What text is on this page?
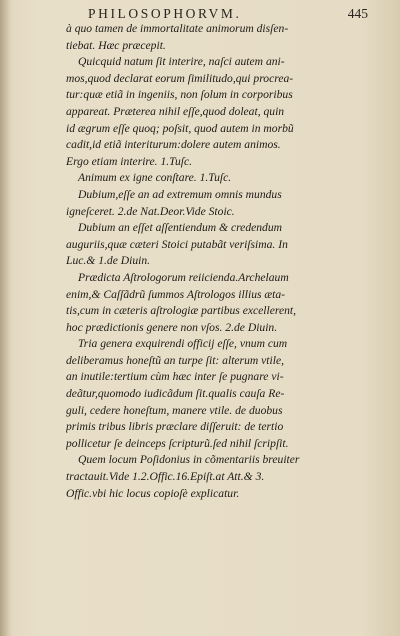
PHILOSOPHORVM.	445
à quo tamen de immortalitate animorum disſen-
tiebat. Hæc præcepit.
Quicquid natum ſit interire, naſci autem ani-
mos,quod declarat eorum ſimilitudo,qui procrea-
tur:quæ etiã in ingeniis, non ſolum in corporibus
appareat. Præterea nihil eſſe,quod doleat, quin
id ægrum eſſe quoq; poſsit, quod autem in morbũ
cadit,id etiã interiturum:dolere autem animos.
Ergo etiam interire. 1.Tuſc.
Animum ex igne conſtare. 1.Tuſc.
Dubium,eſſe an ad extremum omnis mundus
igneſceret. 2.de Nat.Deor.Vide Stoic.
Dubium an eſſet aſſentiendum & credendum
auguriis,quæ cæteri Stoici putabãt veriſsima. In
Luc.& 1.de Diuin.
Prædicta Aſtrologorum reiicienda.Archelaum
enim,& Caſſãdrũ ſummos Aſtrologos illius æta-
tis,cum in cæteris aſtrologiæ partibus excellerent,
hoc prædictionis genere non vſos. 2.de Diuin.
Tria genera exquirendi officij eſſe, vnum cum
deliberamus honeſtũ an turpe ſit: alterum vtile,
an inutile:tertium cùm hæc inter ſe pugnare vi-
deãtur,quomodo iudicãdum ſit.qualis cauſa Re-
guli, cedere honeſtum, manere vtile. de duobus
primis tribus libris præclare diſſeruit: de tertio
pollicetur ſe deinceps ſcripturũ.ſed nihil ſcripſit.
Quem locum Poſidonius in cõmentariis breuiter
tractauit.Vide 1.2.Offic.16.Epiſt.at Att.& 3.
Offic.vbi hic locus copioſè explicatur.
